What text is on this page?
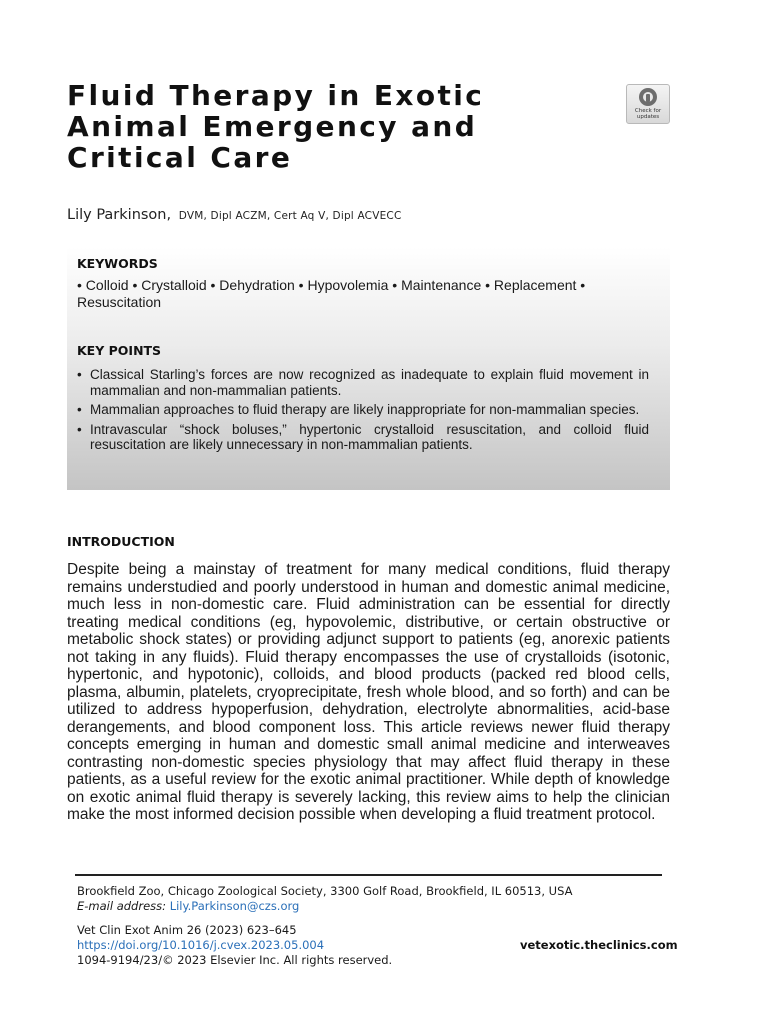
Fluid Therapy in Exotic
Animal Emergency and
Critical Care
Check for
updates
Lily Parkinson, DVM, Dipl ACZM, Cert Aq V, Dipl ACVECC
KEYWORDS

• Colloid • Crystalloid • Dehydration • Hypovolemia • Maintenance • Replacement • Resuscitation

KEY POINTS
• Classical Starling’s forces are now recognized as inadequate to explain fluid movement in mammalian and non-mammalian patients.
• Mammalian approaches to fluid therapy are likely inappropriate for non-mammalian species.
• Intravascular “shock boluses,” hypertonic crystalloid resuscitation, and colloid fluid resuscitation are likely unnecessary in non-mammalian patients.
INTRODUCTION

Despite being a mainstay of treatment for many medical conditions, fluid therapy remains understudied and poorly understood in human and domestic animal medicine, much less in non-domestic care. Fluid administration can be essential for directly treating medical conditions (eg, hypovolemic, distributive, or certain obstructive or metabolic shock states) or providing adjunct support to patients (eg, anorexic patients not taking in any fluids). Fluid therapy encompasses the use of crystalloids (isotonic, hypertonic, and hypotonic), colloids, and blood products (packed red blood cells, plasma, albumin, platelets, cryoprecipitate, fresh whole blood, and so forth) and can be utilized to address hypoperfusion, dehydration, electrolyte abnormalities, acid-base derangements, and blood component loss. This article reviews newer fluid therapy concepts emerging in human and domestic small animal medicine and interweaves contrasting non-domestic species physiology that may affect fluid therapy in these patients, as a useful review for the exotic animal practitioner. While depth of knowledge on exotic animal fluid therapy is severely lacking, this review aims to help the clinician make the most informed decision possible when developing a fluid treatment protocol.

Brookfield Zoo, Chicago Zoological Society, 3300 Golf Road, Brookfield, IL 60513, USA
E-mail address: Lily.Parkinson@czs.org
Vet Clin Exot Anim 26 (2023) 623–645
https://doi.org/10.1016/j.cvex.2023.05.004
1094-9194/23/© 2023 Elsevier Inc. All rights reserved.
vetexotic.theclinics.com
